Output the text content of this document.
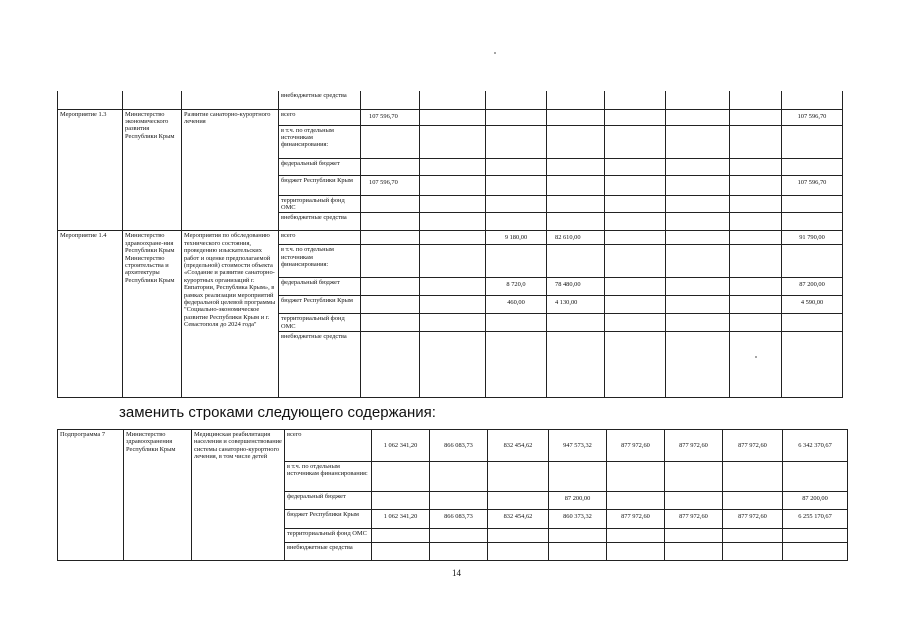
			внебюджетные средства								
Мероприятие 1.3	Министерство экономического развития Республики Крым	Развитие санаторно-курортного лечения	всего	107 596,70							107 596,70
			в т.ч. по отдельным источникам финансирования:								
			федеральный бюджет								
			бюджет Республики Крым	107 596,70							107 596,70
			территориальный фонд ОМС								
			внебюджетные средства								
Мероприятие 1.4	Министерство здравоохране-ния Республики Крым Министерство строительства и архитектуры Республики Крым	Мероприятия по обследованию технического состояния, проведению изыскательских работ и оценке предполагаемой (предельной) стоимости объекта «Создание и развитие санаторно-курортных организаций г. Евпатории, Республика Крым», в рамках реализации мероприятий федеральной целевой программы "Социально-экономическое развитие Республики Крым и г. Севастополя до 2024 года"	всего			9 180,00	82 610,00				91 790,00
			в т.ч. по отдельным источникам финансирования:								
			федеральный бюджет			8 720,0	78 480,00				87 200,00
			бюджет Республики Крым			460,00	4 130,00				4 590,00
			территориальный фонд ОМС								
			внебюджетные средства								
заменить строками следующего содержания:
Подпрограмма 7	Министерство здравоохранения Республики Крым	Медицинская реабилитация населения и совершенствование системы санаторно-курортного лечения, в том числе детей	всего	1 062 341,20	866 083,73	832 454,62	947 573,32	877 972,60	877 972,60	877 972,60	6 342 370,67
			в т.ч. по отдельным источникам финансирования:								
			федеральный бюджет				87 200,00				87 200,00
			бюджет Республики Крым	1 062 341,20	866 083,73	832 454,62	860 373,32	877 972,60	877 972,60	877 972,60	6 255 170,67
			территориальный фонд ОМС								
			внебюджетные средства								
14
